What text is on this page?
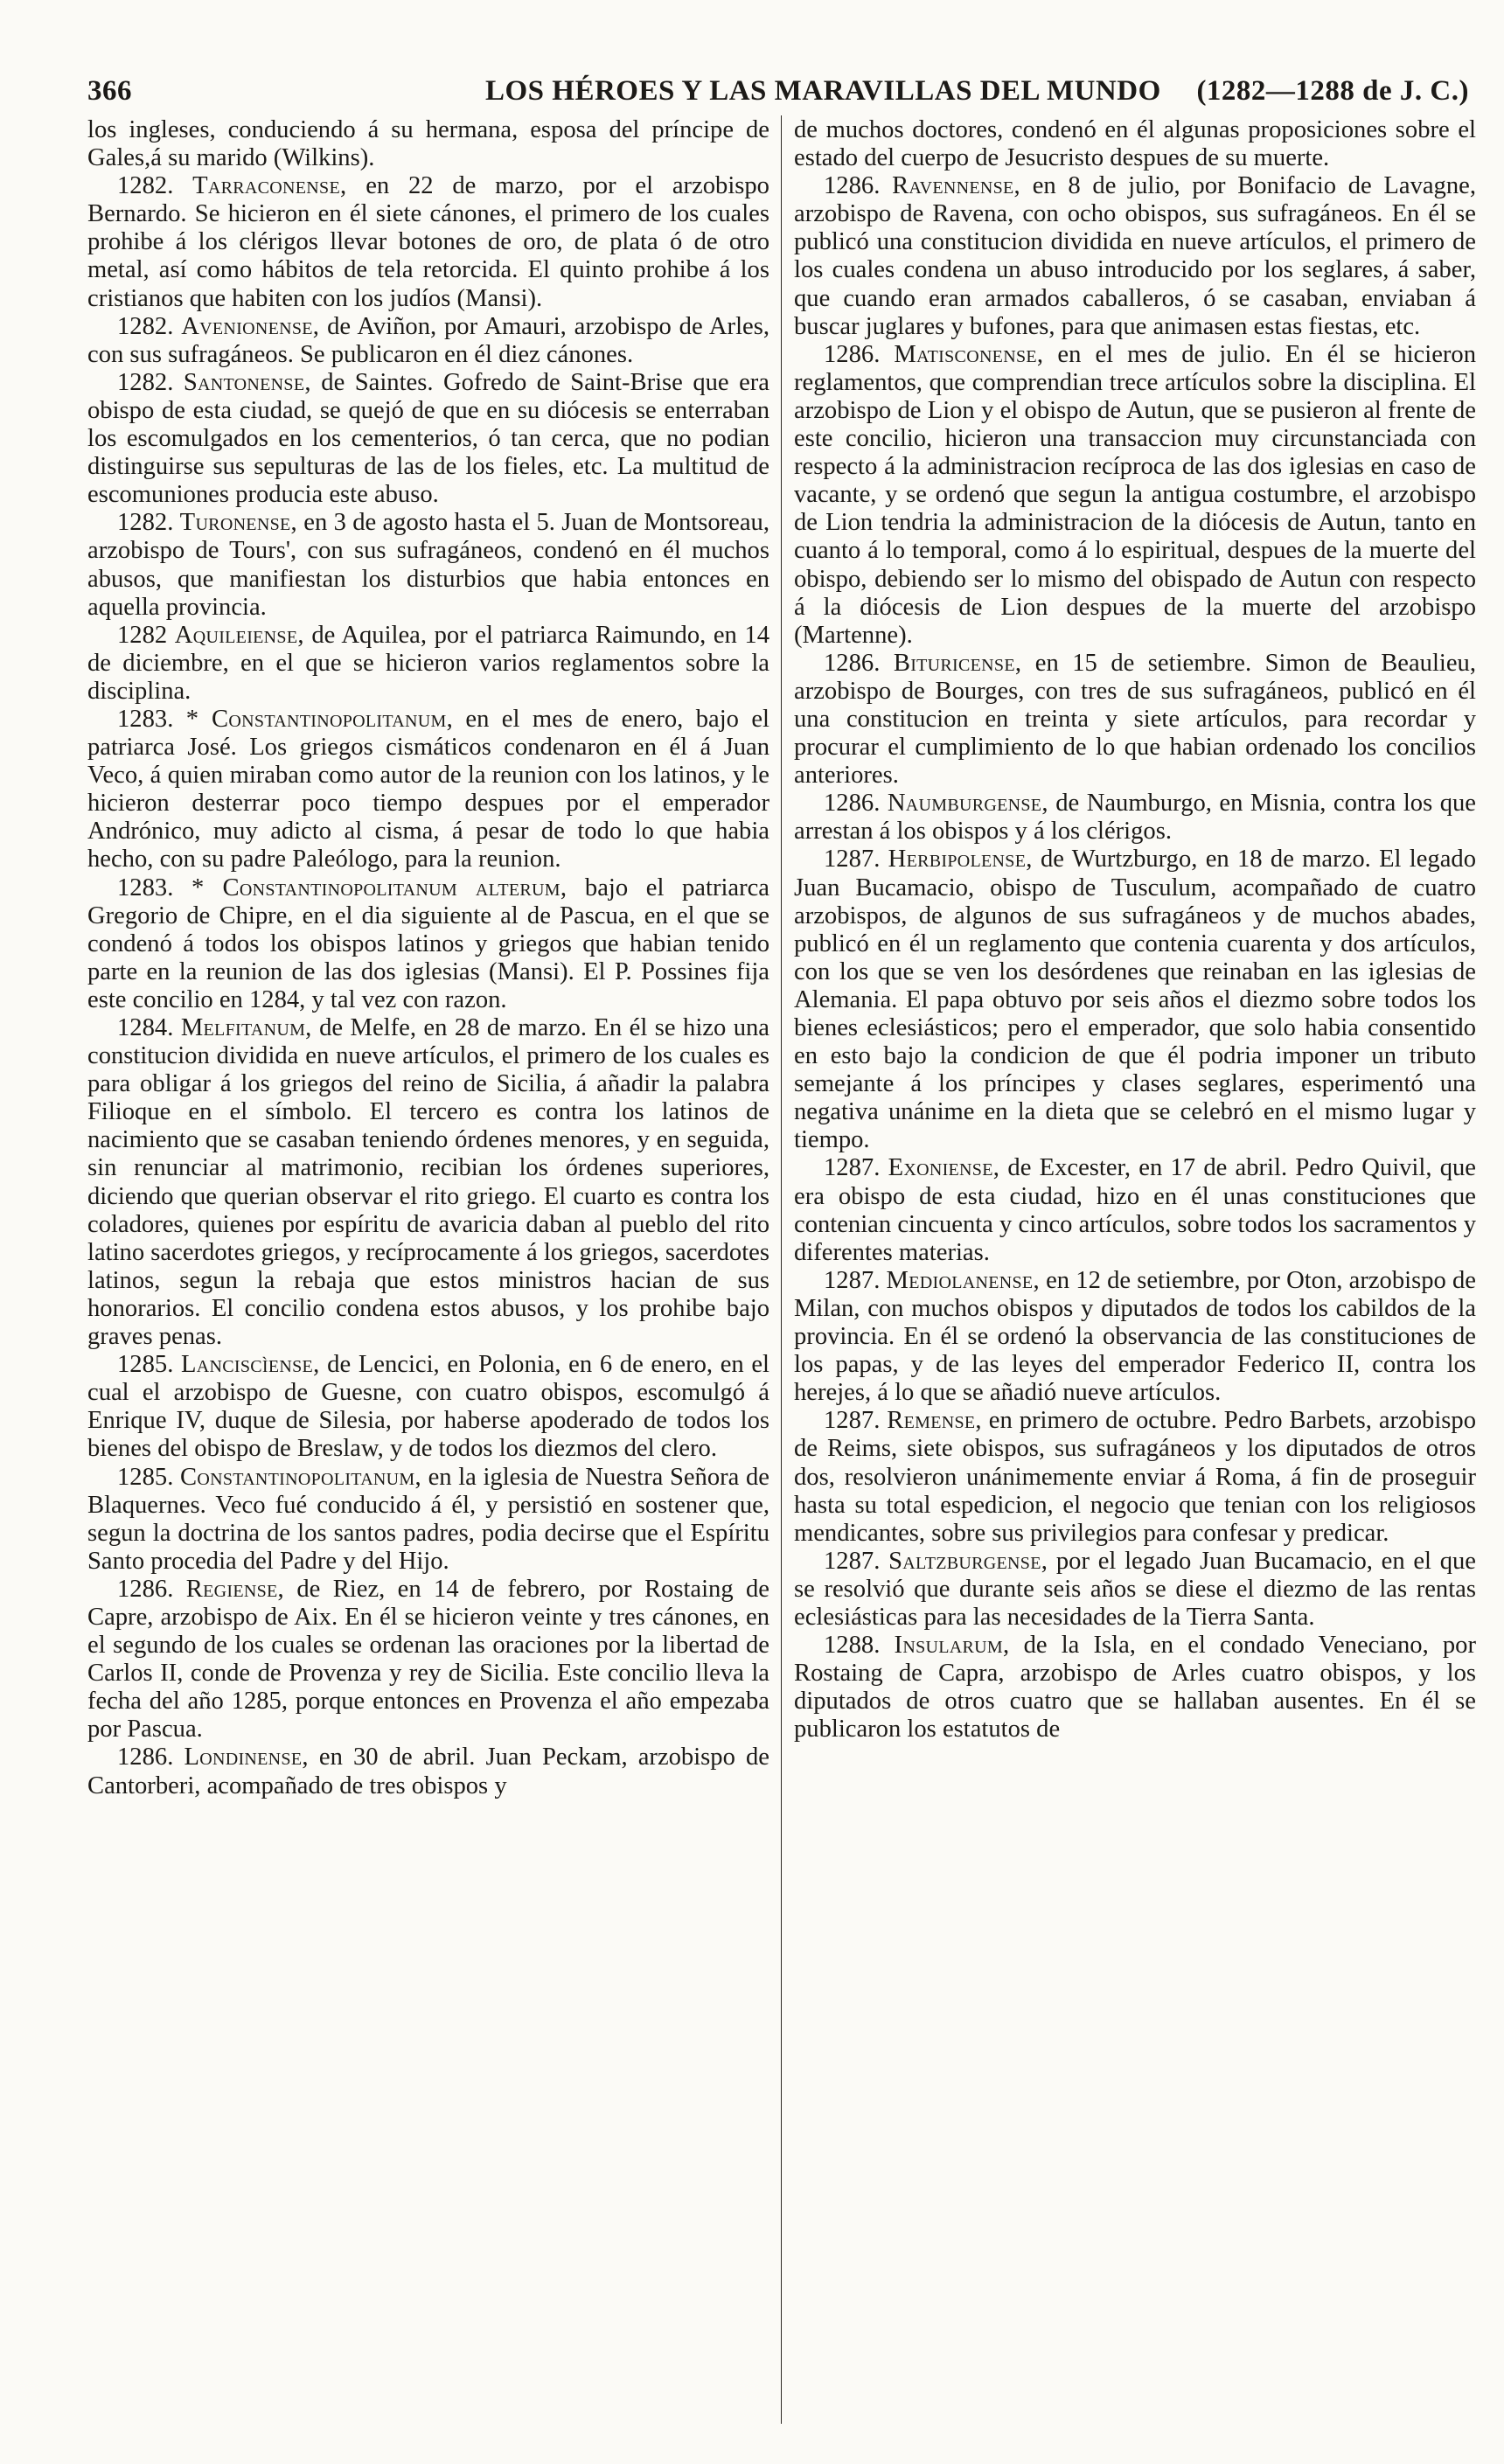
366	LOS HÉROES Y LAS MARAVILLAS DEL MUNDO (1282—1288 de J. C.)

los ingleses, conduciendo á su hermana, esposa del príncipe de Gales,á su marido (Wilkins).

1282. Tarraconense, en 22 de marzo, por el arzobispo Bernardo. Se hicieron en él siete cánones, el primero de los cuales prohibe á los clérigos llevar botones de oro, de plata ó de otro metal, así como hábitos de tela retorcida. El quinto prohibe á los cristianos que habiten con los judíos (Mansi).

1282. Avenionense, de Aviñon, por Amauri, arzobispo de Arles, con sus sufragáneos. Se publicaron en él diez cánones.

1282. Santonense, de Saintes. Gofredo de Saint-Brise que era obispo de esta ciudad, se quejó de que en su diócesis se enterraban los escomulgados en los cementerios, ó tan cerca, que no podian distinguirse sus sepulturas de las de los fieles, etc. La multitud de escomuniones producia este abuso.

1282. Turonense, en 3 de agosto hasta el 5. Juan de Montsoreau, arzobispo de Tours', con sus sufragáneos, condenó en él muchos abusos, que manifiestan los disturbios que habia entonces en aquella provincia.

1282 Aquileiense, de Aquilea, por el patriarca Raimundo, en 14 de diciembre, en el que se hicieron varios reglamentos sobre la disciplina.

1283. * Constantinopolitanum, en el mes de enero, bajo el patriarca José. Los griegos cismáticos condenaron en él á Juan Veco, á quien miraban como autor de la reunion con los latinos, y le hicieron desterrar poco tiempo despues por el emperador Andrónico, muy adicto al cisma, á pesar de todo lo que habia hecho, con su padre Paleólogo, para la reunion.

1283. * Constantinopolitanum alterum, bajo el patriarca Gregorio de Chipre, en el dia siguiente al de Pascua, en el que se condenó á todos los obispos latinos y griegos que habian tenido parte en la reunion de las dos iglesias (Mansi). El P. Possines fija este concilio en 1284, y tal vez con razon.

1284. Melfitanum, de Melfe, en 28 de marzo. En él se hizo una constitucion dividida en nueve artículos, el primero de los cuales es para obligar á los griegos del reino de Sicilia, á añadir la palabra Filioque en el símbolo. El tercero es contra los latinos de nacimiento que se casaban teniendo órdenes menores, y en seguida, sin renunciar al matrimonio, recibian los órdenes superiores, diciendo que querian observar el rito griego. El cuarto es contra los coladores, quienes por espíritu de avaricia daban al pueblo del rito latino sacerdotes griegos, y recíprocamente á los griegos, sacerdotes latinos, segun la rebaja que estos ministros hacian de sus honorarios. El concilio condena estos abusos, y los prohibe bajo graves penas.

1285. Lanciscìense, de Lencici, en Polonia, en 6 de enero, en el cual el arzobispo de Guesne, con cuatro obispos, escomulgó á Enrique IV, duque de Silesia, por haberse apoderado de todos los bienes del obispo de Breslaw, y de todos los diezmos del clero.

1285. Constantinopolitanum, en la iglesia de Nuestra Señora de Blaquernes. Veco fué conducido á él, y persistió en sostener que, segun la doctrina de los santos padres, podia decirse que el Espíritu Santo procedia del Padre y del Hijo.

1286. Regiense, de Riez, en 14 de febrero, por Rostaing de Capre, arzobispo de Aix. En él se hicieron veinte y tres cánones, en el segundo de los cuales se ordenan las oraciones por la libertad de Carlos II, conde de Provenza y rey de Sicilia. Este concilio lleva la fecha del año 1285, porque entonces en Provenza el año empezaba por Pascua.

1286. Londinense, en 30 de abril. Juan Peckam, arzobispo de Cantorberi, acompañado de tres obispos y

de muchos doctores, condenó en él algunas proposiciones sobre el estado del cuerpo de Jesucristo despues de su muerte.

1286. Ravennense, en 8 de julio, por Bonifacio de Lavagne, arzobispo de Ravena, con ocho obispos, sus sufragáneos. En él se publicó una constitucion dividida en nueve artículos, el primero de los cuales condena un abuso introducido por los seglares, á saber, que cuando eran armados caballeros, ó se casaban, enviaban á buscar juglares y bufones, para que animasen estas fiestas, etc.

1286. Matisconense, en el mes de julio. En él se hicieron reglamentos, que comprendian trece artículos sobre la disciplina. El arzobispo de Lion y el obispo de Autun, que se pusieron al frente de este concilio, hicieron una transaccion muy circunstanciada con respecto á la administracion recíproca de las dos iglesias en caso de vacante, y se ordenó que segun la antigua costumbre, el arzobispo de Lion tendria la administracion de la diócesis de Autun, tanto en cuanto á lo temporal, como á lo espiritual, despues de la muerte del obispo, debiendo ser lo mismo del obispado de Autun con respecto á la diócesis de Lion despues de la muerte del arzobispo (Martenne).

1286. Bituricense, en 15 de setiembre. Simon de Beaulieu, arzobispo de Bourges, con tres de sus sufragáneos, publicó en él una constitucion en treinta y siete artículos, para recordar y procurar el cumplimiento de lo que habian ordenado los concilios anteriores.

1286. Naumburgense, de Naumburgo, en Misnia, contra los que arrestan á los obispos y á los clérigos.

1287. Herbipolense, de Wurtzburgo, en 18 de marzo. El legado Juan Bucamacio, obispo de Tusculum, acompañado de cuatro arzobispos, de algunos de sus sufragáneos y de muchos abades, publicó en él un reglamento que contenia cuarenta y dos artículos, con los que se ven los desórdenes que reinaban en las iglesias de Alemania. El papa obtuvo por seis años el diezmo sobre todos los bienes eclesiásticos; pero el emperador, que solo habia consentido en esto bajo la condicion de que él podria imponer un tributo semejante á los príncipes y clases seglares, esperimentó una negativa unánime en la dieta que se celebró en el mismo lugar y tiempo.

1287. Exoniense, de Excester, en 17 de abril. Pedro Quivil, que era obispo de esta ciudad, hizo en él unas constituciones que contenian cincuenta y cinco artículos, sobre todos los sacramentos y diferentes materias.

1287. Mediolanense, en 12 de setiembre, por Oton, arzobispo de Milan, con muchos obispos y diputados de todos los cabildos de la provincia. En él se ordenó la observancia de las constituciones de los papas, y de las leyes del emperador Federico II, contra los herejes, á lo que se añadió nueve artículos.

1287. Remense, en primero de octubre. Pedro Barbets, arzobispo de Reims, siete obispos, sus sufragáneos y los diputados de otros dos, resolvieron unánimemente enviar á Roma, á fin de proseguir hasta su total espedicion, el negocio que tenian con los religiosos mendicantes, sobre sus privilegios para confesar y predicar.

1287. Saltzburgense, por el legado Juan Bucamacio, en el que se resolvió que durante seis años se diese el diezmo de las rentas eclesiásticas para las necesidades de la Tierra Santa.

1288. Insularum, de la Isla, en el condado Veneciano, por Rostaing de Capra, arzobispo de Arles cuatro obispos, y los diputados de otros cuatro que se hallaban ausentes. En él se publicaron los estatutos de
